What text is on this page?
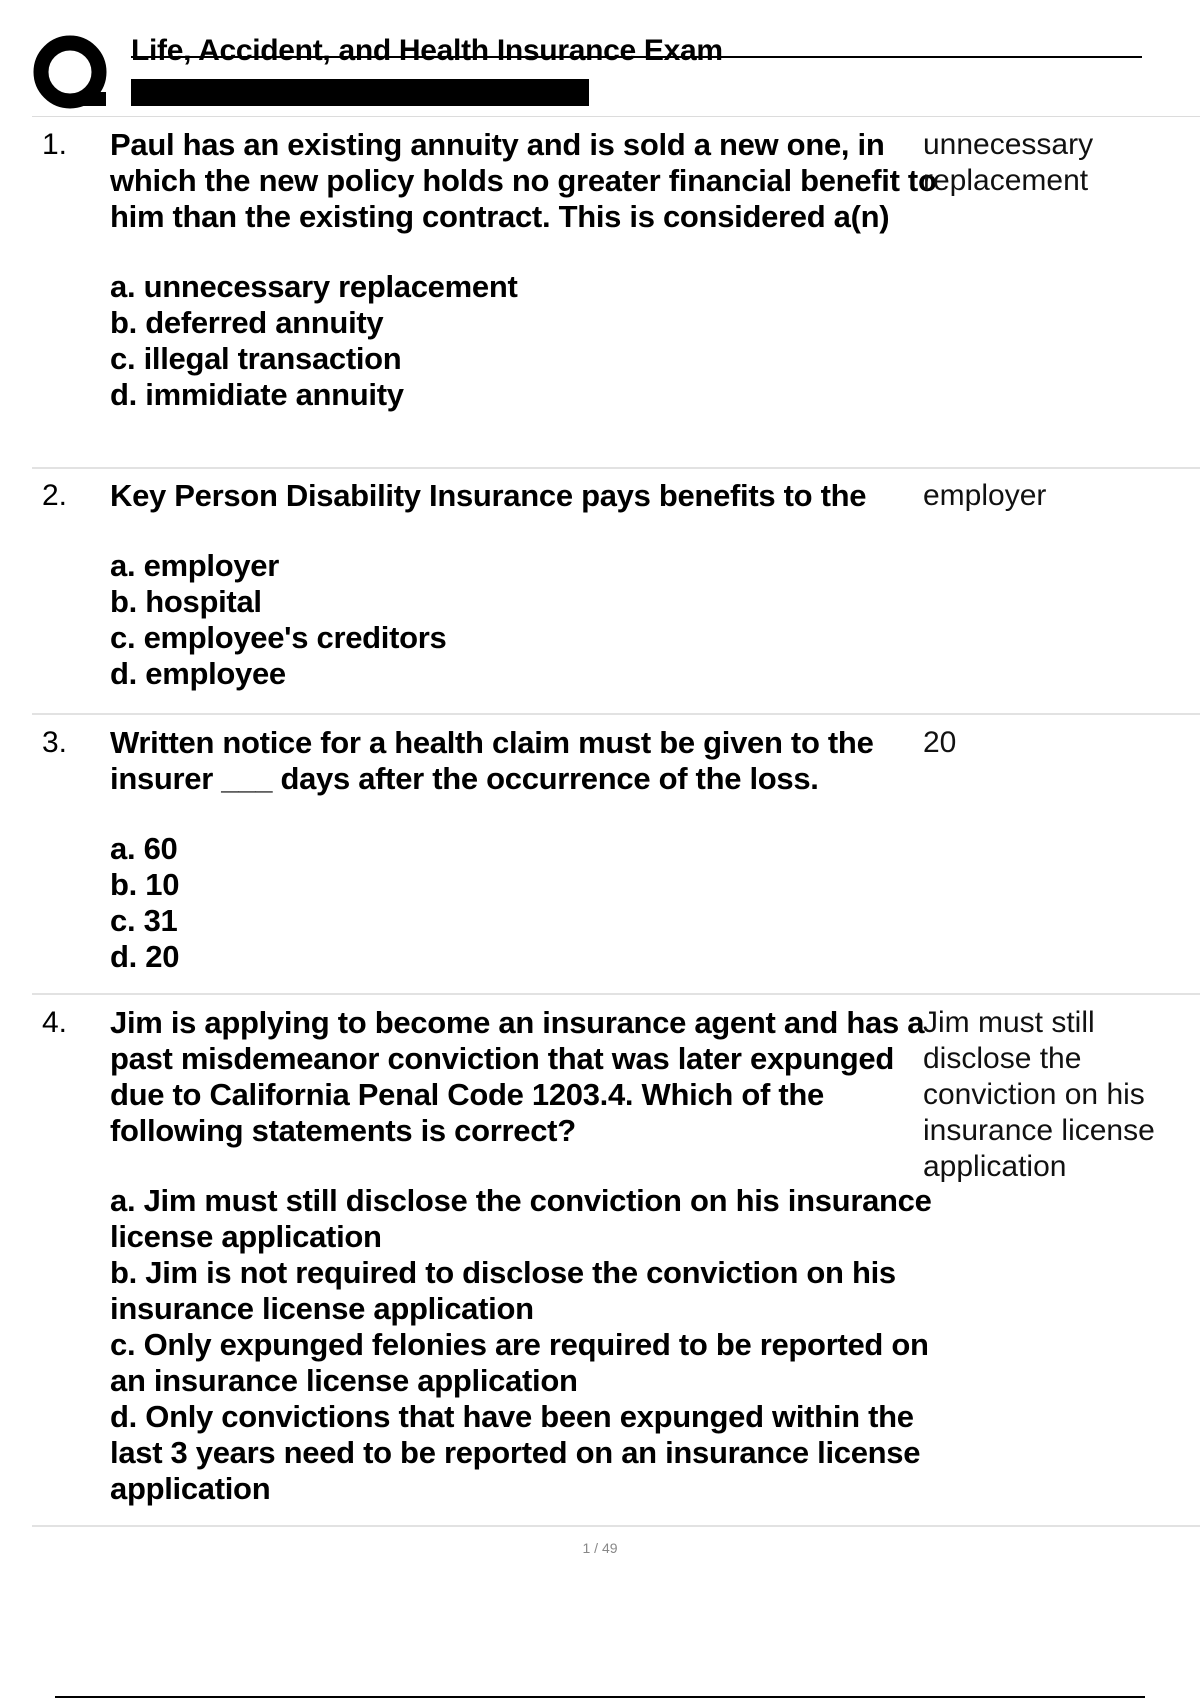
Life, Accident, and Health Insurance Exam
1. Paul has an existing annuity and is sold a new one, in which the new policy holds no greater financial benefit to him than the existing contract. This is considered a(n)
a. unnecessary replacement
b. deferred annuity
c. illegal transaction
d. immidiate annuity
unnecessary replacement
2. Key Person Disability Insurance pays benefits to the
a. employer
b. hospital
c. employee's creditors
d. employee
employer
3. Written notice for a health claim must be given to the insurer ___ days after the occurrence of the loss.
a. 60
b. 10
c. 31
d. 20
20
4. Jim is applying to become an insurance agent and has a past misdemeanor conviction that was later expunged due to California Penal Code 1203.4. Which of the following statements is correct?
a. Jim must still disclose the conviction on his insurance license application
b. Jim is not required to disclose the conviction on his insurance license application
c. Only expunged felonies are required to be reported on an insurance license application
d. Only convictions that have been expunged within the last 3 years need to be reported on an insurance license application
Jim must still disclose the conviction on his insurance license application
1 / 49
